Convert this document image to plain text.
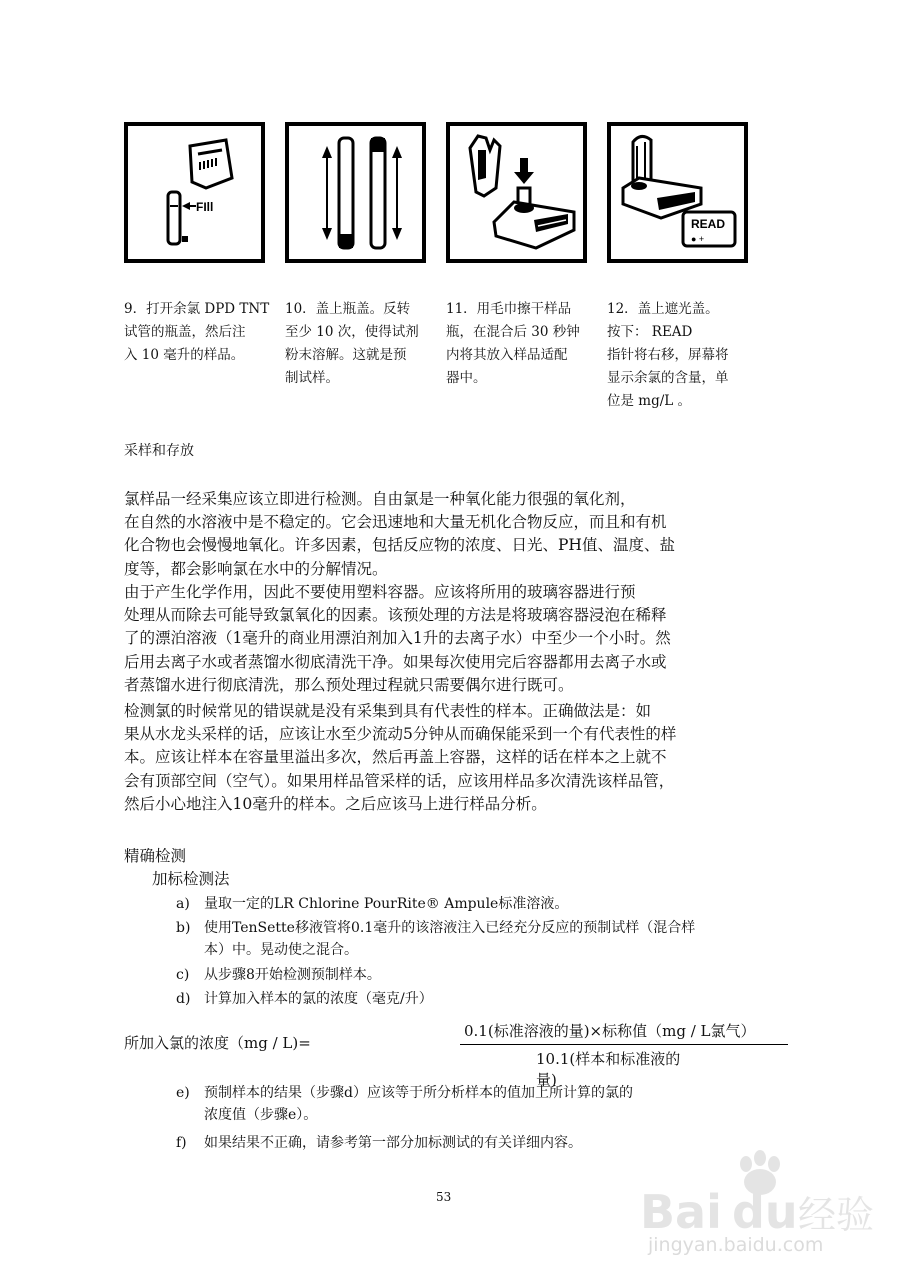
FIll
READ
● +
9．打开余氯 DPD TNT
试管的瓶盖，然后注
入 10 毫升的样品。
10．盖上瓶盖。反转
至少 10 次，使得试剂
粉末溶解。这就是预
制试样。
11．用毛巾擦干样品
瓶，在混合后 30 秒钟
内将其放入样品适配
器中。
12．盖上遮光盖。
按下： READ
指针将右移，屏幕将
显示余氯的含量，单
位是 mg/L 。
采样和存放
氯样品一经采集应该立即进行检测。自由氯是一种氧化能力很强的氧化剂，
在自然的水溶液中是不稳定的。它会迅速地和大量无机化合物反应，而且和有机
化合物也会慢慢地氧化。许多因素，包括反应物的浓度、日光、PH值、温度、盐
度等，都会影响氯在水中的分解情况。
由于产生化学作用，因此不要使用塑料容器。应该将所用的玻璃容器进行预
处理从而除去可能导致氯氧化的因素。该预处理的方法是将玻璃容器浸泡在稀释
了的漂泊溶液（1毫升的商业用漂泊剂加入1升的去离子水）中至少一个小时。然
后用去离子水或者蒸馏水彻底清洗干净。如果每次使用完后容器都用去离子水或
者蒸馏水进行彻底清洗，那么预处理过程就只需要偶尔进行既可。
检测氯的时候常见的错误就是没有采集到具有代表性的样本。正确做法是：如
果从水龙头采样的话，应该让水至少流动5分钟从而确保能采到一个有代表性的样
本。应该让样本在容量里溢出多次，然后再盖上容器，这样的话在样本之上就不
会有顶部空间（空气）。如果用样品管采样的话，应该用样品多次清洗该样品管，
然后小心地注入10毫升的样本。之后应该马上进行样品分析。
精确检测
加标检测法
a)	量取一定的LR Chlorine PourRite® Ampule标准溶液。
b) 使用TenSette移液管将0.1毫升的该溶液注入已经充分反应的预制试样（混合样
本）中。晃动使之混合。
c)	从步骤8开始检测预制样本。
d) 计算加入样本的氯的浓度（毫克/升）
所加入氯的浓度（mg / L)=
0.1(标准溶液的量)×标称值（mg / L氯气）
10.1(样本和标准液的量)
e)	预制样本的结果（步骤d）应该等于所分析样本的值加上所计算的氯的
浓度值（步骤e）。
f)	如果结果不正确，请参考第一部分加标测试的有关详细内容。
53	Bai du 经验
jingyan.baidu.com
